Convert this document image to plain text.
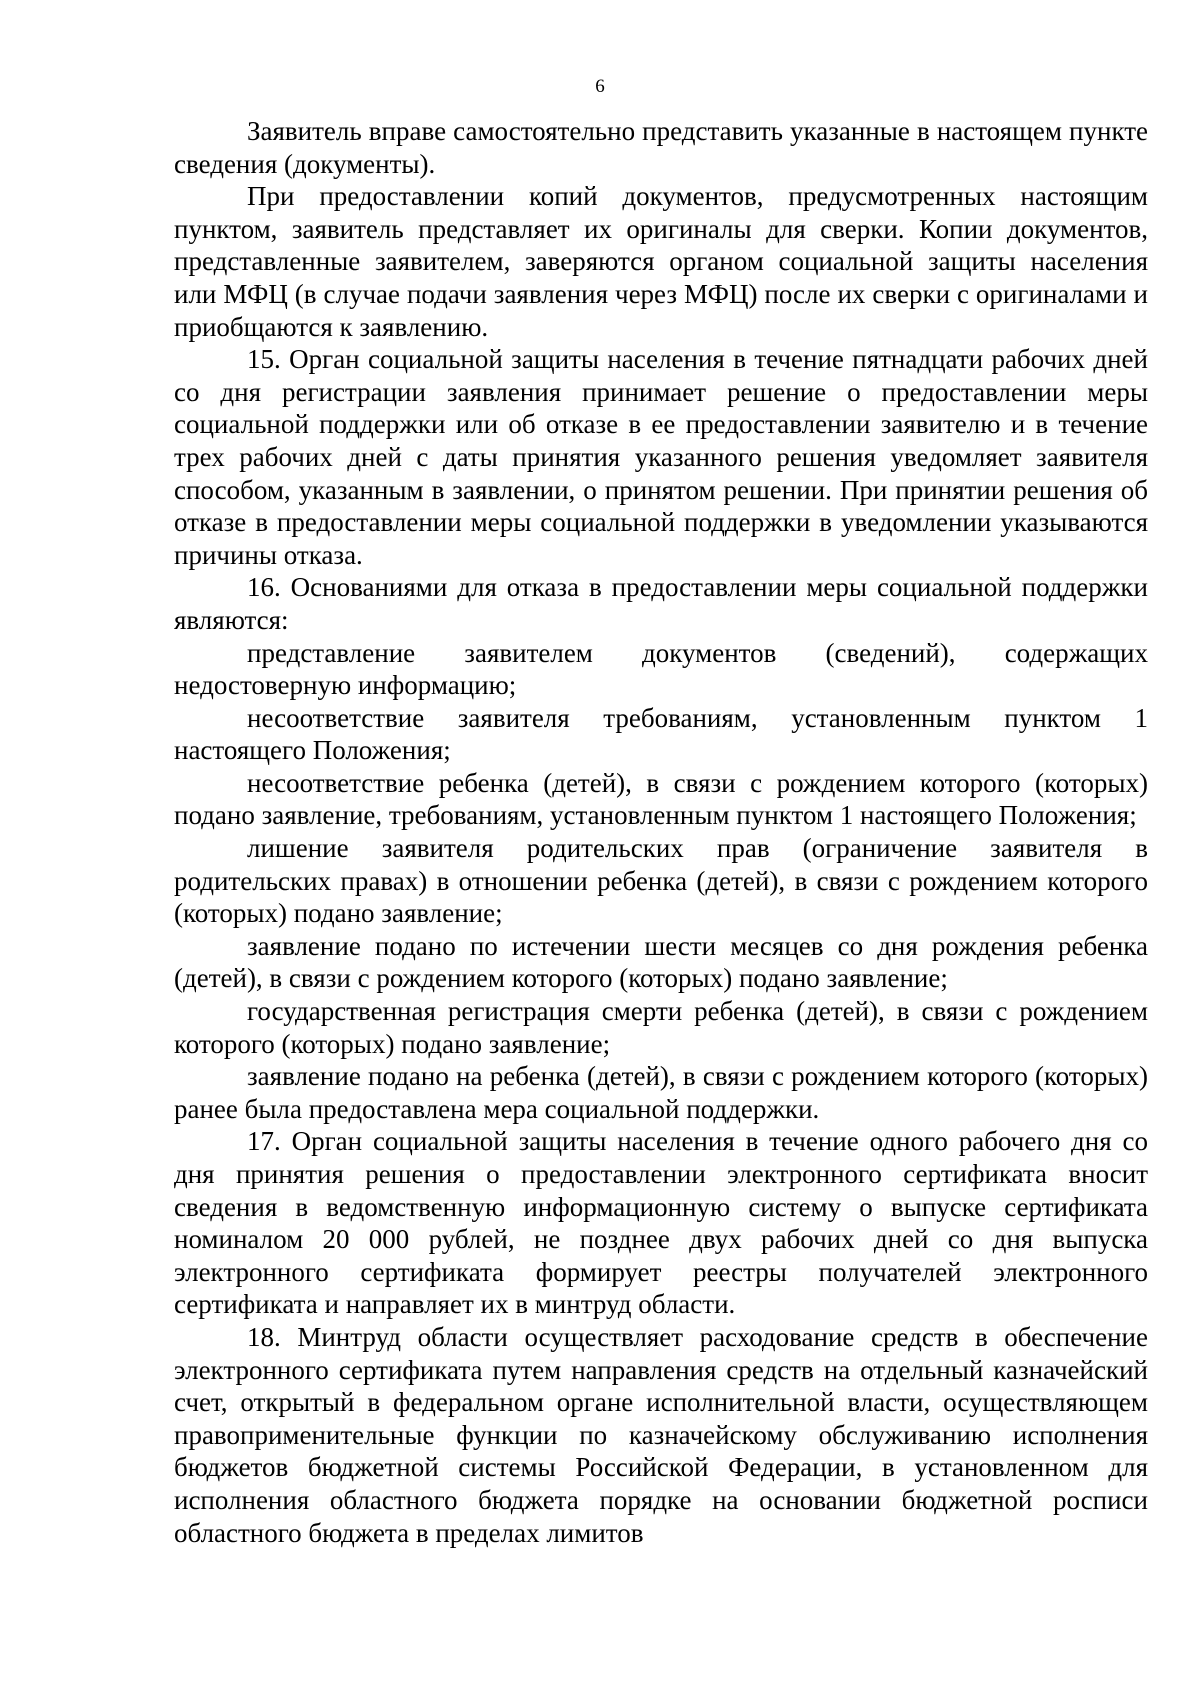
6

Заявитель вправе самостоятельно представить указанные в настоящем пункте сведения (документы).

При предоставлении копий документов, предусмотренных настоящим пунктом, заявитель представляет их оригиналы для сверки. Копии документов, представленные заявителем, заверяются органом социальной защиты населения или МФЦ (в случае подачи заявления через МФЦ) после их сверки с оригиналами и приобщаются к заявлению.

15. Орган социальной защиты населения в течение пятнадцати рабочих дней со дня регистрации заявления принимает решение о предоставлении меры социальной поддержки или об отказе в ее предоставлении заявителю и в течение трех рабочих дней с даты принятия указанного решения уведомляет заявителя способом, указанным в заявлении, о принятом решении. При принятии решения об отказе в предоставлении меры социальной поддержки в уведомлении указываются причины отказа.

16. Основаниями для отказа в предоставлении меры социальной поддержки являются:

представление заявителем документов (сведений), содержащих недостоверную информацию;

несоответствие заявителя требованиям, установленным пунктом 1 настоящего Положения;

несоответствие ребенка (детей), в связи с рождением которого (которых) подано заявление, требованиям, установленным пунктом 1 настоящего Положения;

лишение заявителя родительских прав (ограничение заявителя в родительских правах) в отношении ребенка (детей), в связи с рождением которого (которых) подано заявление;

заявление подано по истечении шести месяцев со дня рождения ребенка (детей), в связи с рождением которого (которых) подано заявление;

государственная регистрация смерти ребенка (детей), в связи с рождением которого (которых) подано заявление;

заявление подано на ребенка (детей), в связи с рождением которого (которых) ранее была предоставлена мера социальной поддержки.

17. Орган социальной защиты населения в течение одного рабочего дня со дня принятия решения о предоставлении электронного сертификата вносит сведения в ведомственную информационную систему о выпуске сертификата номиналом 20 000 рублей, не позднее двух рабочих дней со дня выпуска электронного сертификата формирует реестры получателей электронного сертификата и направляет их в минтруд области.

18. Минтруд области осуществляет расходование средств в обеспечение электронного сертификата путем направления средств на отдельный казначейский счет, открытый в федеральном органе исполнительной власти, осуществляющем правоприменительные функции по казначейскому обслуживанию исполнения бюджетов бюджетной системы Российской Федерации, в установленном для исполнения областного бюджета порядке на основании бюджетной росписи областного бюджета в пределах лимитов
